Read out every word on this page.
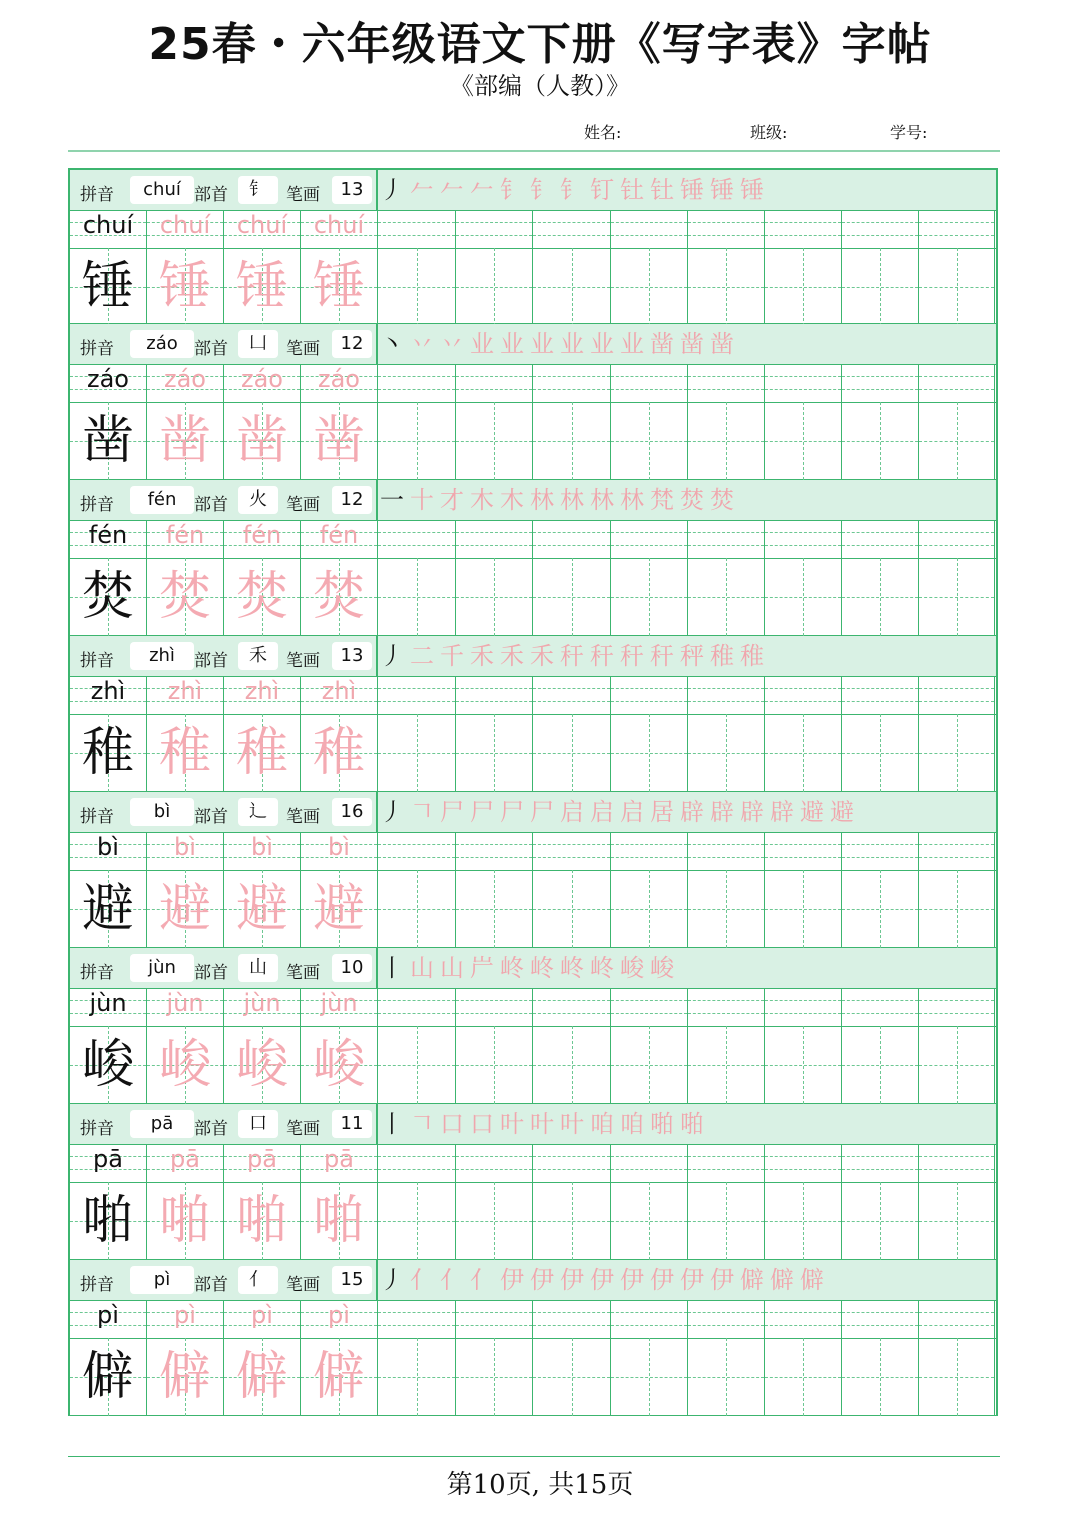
25春・六年级语文下册《写字表》字帖
《部编（人教）》
姓名:	班级:	学号:
拼音	chuí 部首	钅	笔画	13 丿𠂉𠂉𠂉钅钅钅钉钍钍锤锤锤
chuí	chuí	chuí	chuí
锤 锤 锤 锤
拼音	záo 部首	凵	笔画	12 丶丷丷业业业业业业凿凿凿
záo	záo	záo	záo
凿 凿 凿 凿
拼音	fén	部首	火	笔画	12 一十才木木林林林林梵焚焚
fén	fén	fén	fén
焚 焚 焚 焚
拼音	zhì	部首	禾	笔画	13 丿二千禾禾禾秆秆秆秆秤稚稚
zhì	zhì	zhì	zhì
稚 稚 稚 稚
拼音	bì	部首	辶	笔画	16 丿𠃍尸尸尸尸启启启居辟辟辟辟避避
bì	bì	bì	bì
避 避 避 避
拼音	jùn	部首	山	笔画	10 丨山山屵峂峂峂峂峻峻
jùn	jùn	jùn	jùn
峻 峻 峻 峻
拼音	pā	部首	口	笔画	11 丨𠃍口口叶叶叶咱咱啪啪
pā	pā	pā	pā
啪 啪 啪 啪
拼音	pì	部首	亻	笔画	15 丿亻亻亻伊伊伊伊伊伊伊伊僻僻僻
pì	pì	pì	pì
僻 僻 僻 僻
第10页, 共15页
